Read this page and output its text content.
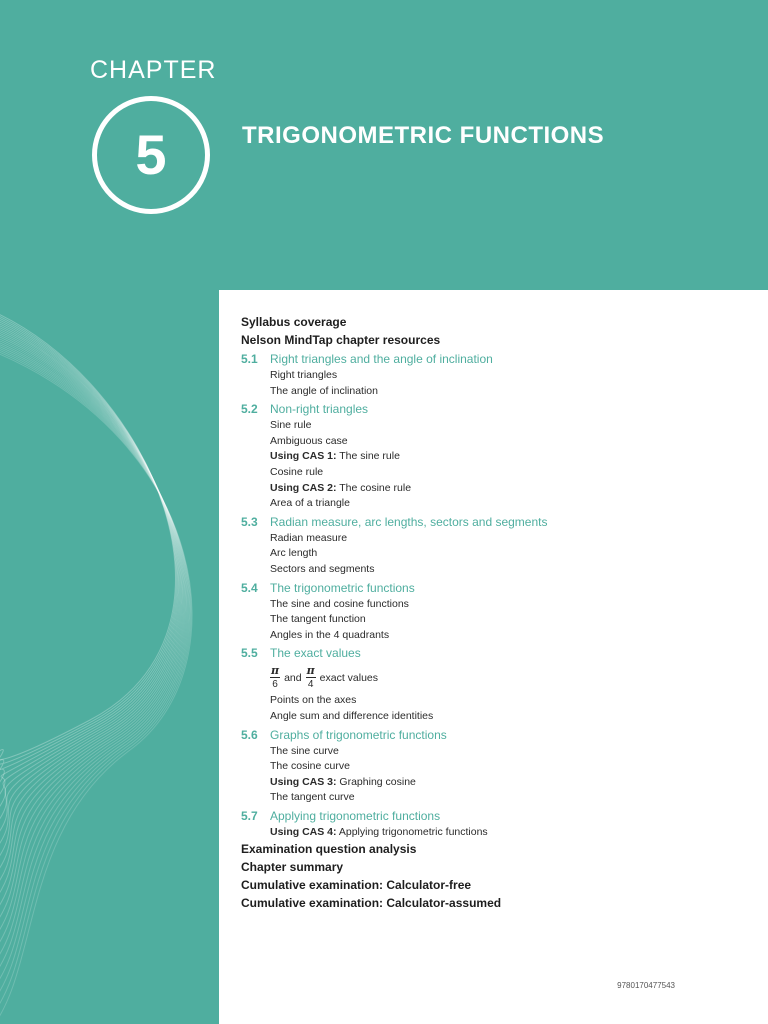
CHAPTER
5	TRIGONOMETRIC FUNCTIONS
Syllabus coverage
Nelson MindTap chapter resources
5.1 Right triangles and the angle of inclination
Right triangles
The angle of inclination
5.2 Non-right triangles
Sine rule
Ambiguous case
Using CAS 1: The sine rule
Cosine rule
Using CAS 2: The cosine rule
Area of a triangle
5.3 Radian measure, arc lengths, sectors and segments
Radian measure
Arc length
Sectors and segments
5.4 The trigonometric functions
The sine and cosine functions
The tangent function
Angles in the 4 quadrants
5.5 The exact values
$\frac{\pi}{6}$ and $\frac{\pi}{4}$ exact values
Points on the axes
Angle sum and difference identities
5.6 Graphs of trigonometric functions
The sine curve
The cosine curve
Using CAS 3: Graphing cosine
The tangent curve
5.7 Applying trigonometric functions
Using CAS 4: Applying trigonometric functions
Examination question analysis
Chapter summary
Cumulative examination: Calculator-free
Cumulative examination: Calculator-assumed
9780170477543
